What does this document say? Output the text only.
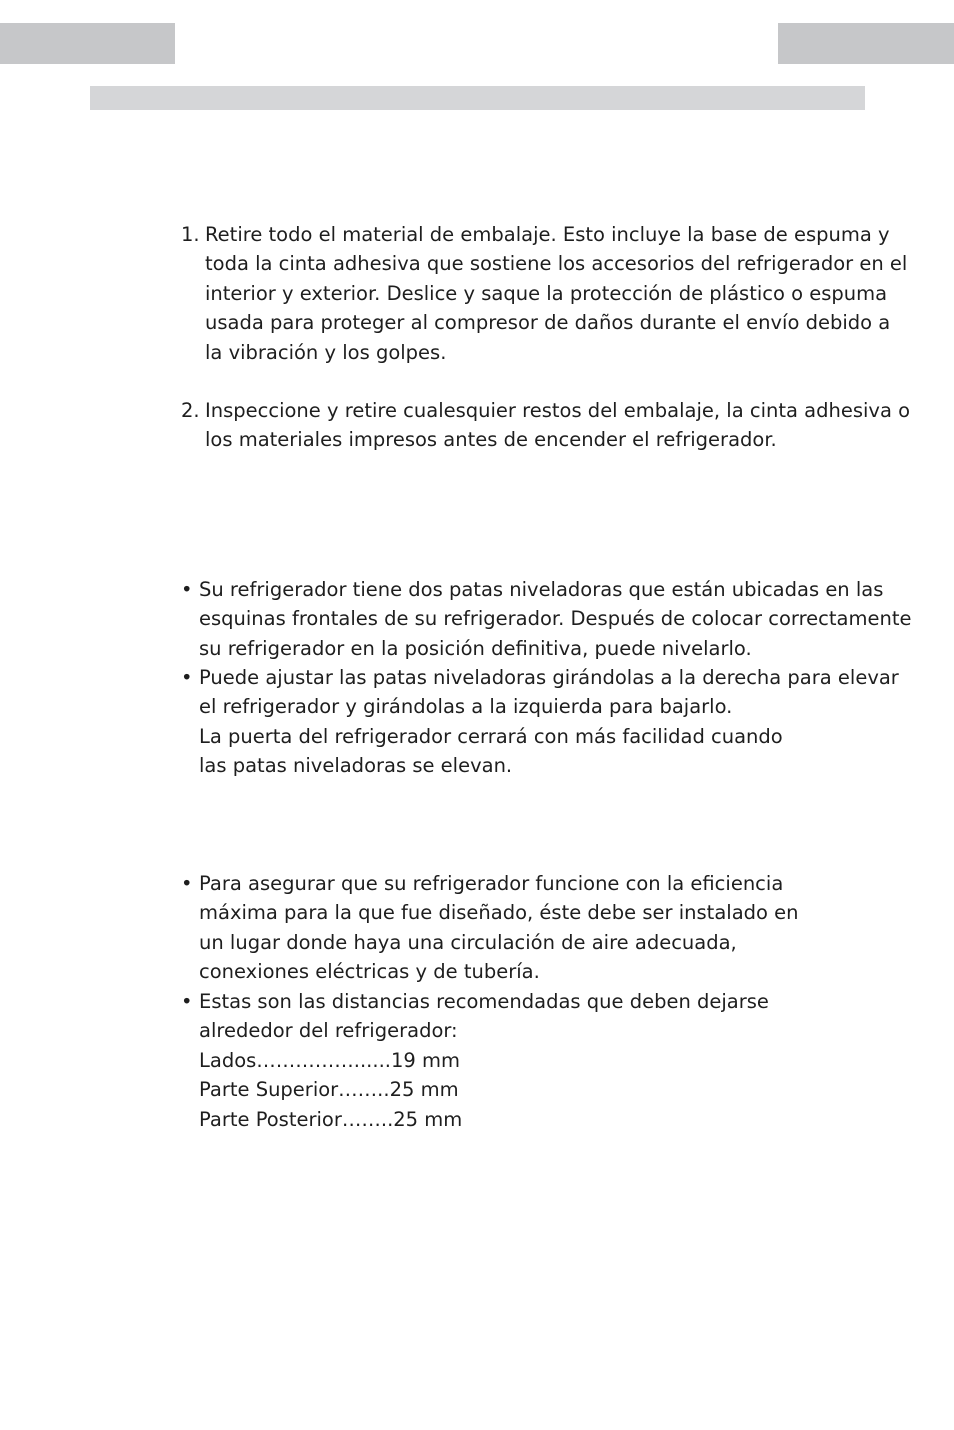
1. Retire todo el material de embalaje. Esto incluye la base de espuma y
toda la cinta adhesiva que sostiene los accesorios del refrigerador en el
interior y exterior. Deslice y saque la protección de plástico o espuma
usada para proteger al compresor de daños durante el envío debido a
la vibración y los golpes.
2. Inspeccione y retire cualesquier restos del embalaje, la cinta adhesiva o
los materiales impresos antes de encender el refrigerador.
• Su refrigerador tiene dos patas niveladoras que están ubicadas en las
esquinas frontales de su refrigerador. Después de colocar correctamente
su refrigerador en la posición definitiva, puede nivelarlo.
• Puede ajustar las patas niveladoras girándolas a la derecha para elevar
el refrigerador y girándolas a la izquierda para bajarlo.
La puerta del refrigerador cerrará con más facilidad cuando
las patas niveladoras se elevan.
• Para asegurar que su refrigerador funcione con la eficiencia
máxima para la que fue diseñado, éste debe ser instalado en
un lugar donde haya una circulación de aire adecuada,
conexiones eléctricas y de tubería.
• Estas son las distancias recomendadas que deben dejarse
alrededor del refrigerador:
Lados……………......19 mm
Parte Superior……..25 mm
Parte Posterior……..25 mm
